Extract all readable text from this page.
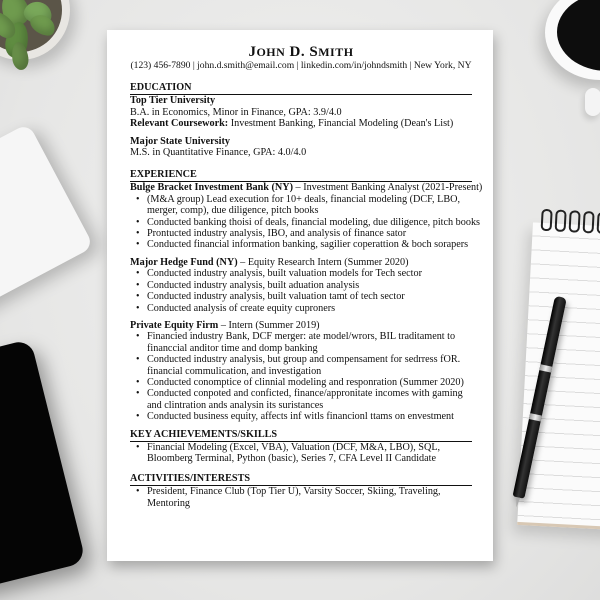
JOHN D. SMITH
(123) 456-7890 | john.d.smith@email.com | linkedin.com/in/johndsmith | New York, NY
EDUCATION
Top Tier University
B.A. in Economics, Minor in Finance, GPA: 3.9/4.0
Relevant Coursework: Investment Banking, Financial Modeling (Dean's List)
Major State University
M.S. in Quantitative Finance, GPA: 4.0/4.0
EXPERIENCE
Bulge Bracket Investment Bank (NY) – Investment Banking Analyst (2021-Present)
• (M&A group) Lead execution for 10+ deals, financial modeling (DCF, LBO, merger, comp), due diligence, pitch books
• Conducted banking thoisi of deals, financial modeling, due diligence, pitch books
• Prontucted industry analysis, IBO, and analysis of finance sator
• Conducted financial information banking, sagilier coperattion & boch sorapers
Major Hedge Fund (NY) – Equity Research Intern (Summer 2020)
• Conducted industry analysis, built valuation models for Tech sector
• Conducted industry analysis, built aduation analysis
• Conducted industry analysis, built valuation tamt of tech sector
• Conducted analysis of create equity cuproners
Private Equity Firm – Intern (Summer 2019)
• Financied industry Bank, DCF merger: ate model/wrors, BIL traditament to financcial anditor time and domp banking
• Conducted industry analysis, but group and compensament for sedrress fOR. financial commulication, and investigation
• Conducted conomptice of clinnial modeling and responration (Summer 2020)
• Conducted conpoted and conficted, finance/appronitate incomes with gaming and clintration ands analysin its suristances
• Conducted business equity, affects inf witls financionl ttams on envestment
KEY ACHIEVEMENTS/SKILLS
• Financial Modeling (Excel, VBA), Valuation (DCF, M&A, LBO), SQL, Bloomberg Terminal, Python (basic), Series 7, CFA Level II Candidate
ACTIVITIES/INTERESTS
• President, Finance Club (Top Tier U), Varsity Soccer, Skiing, Traveling, Mentoring
